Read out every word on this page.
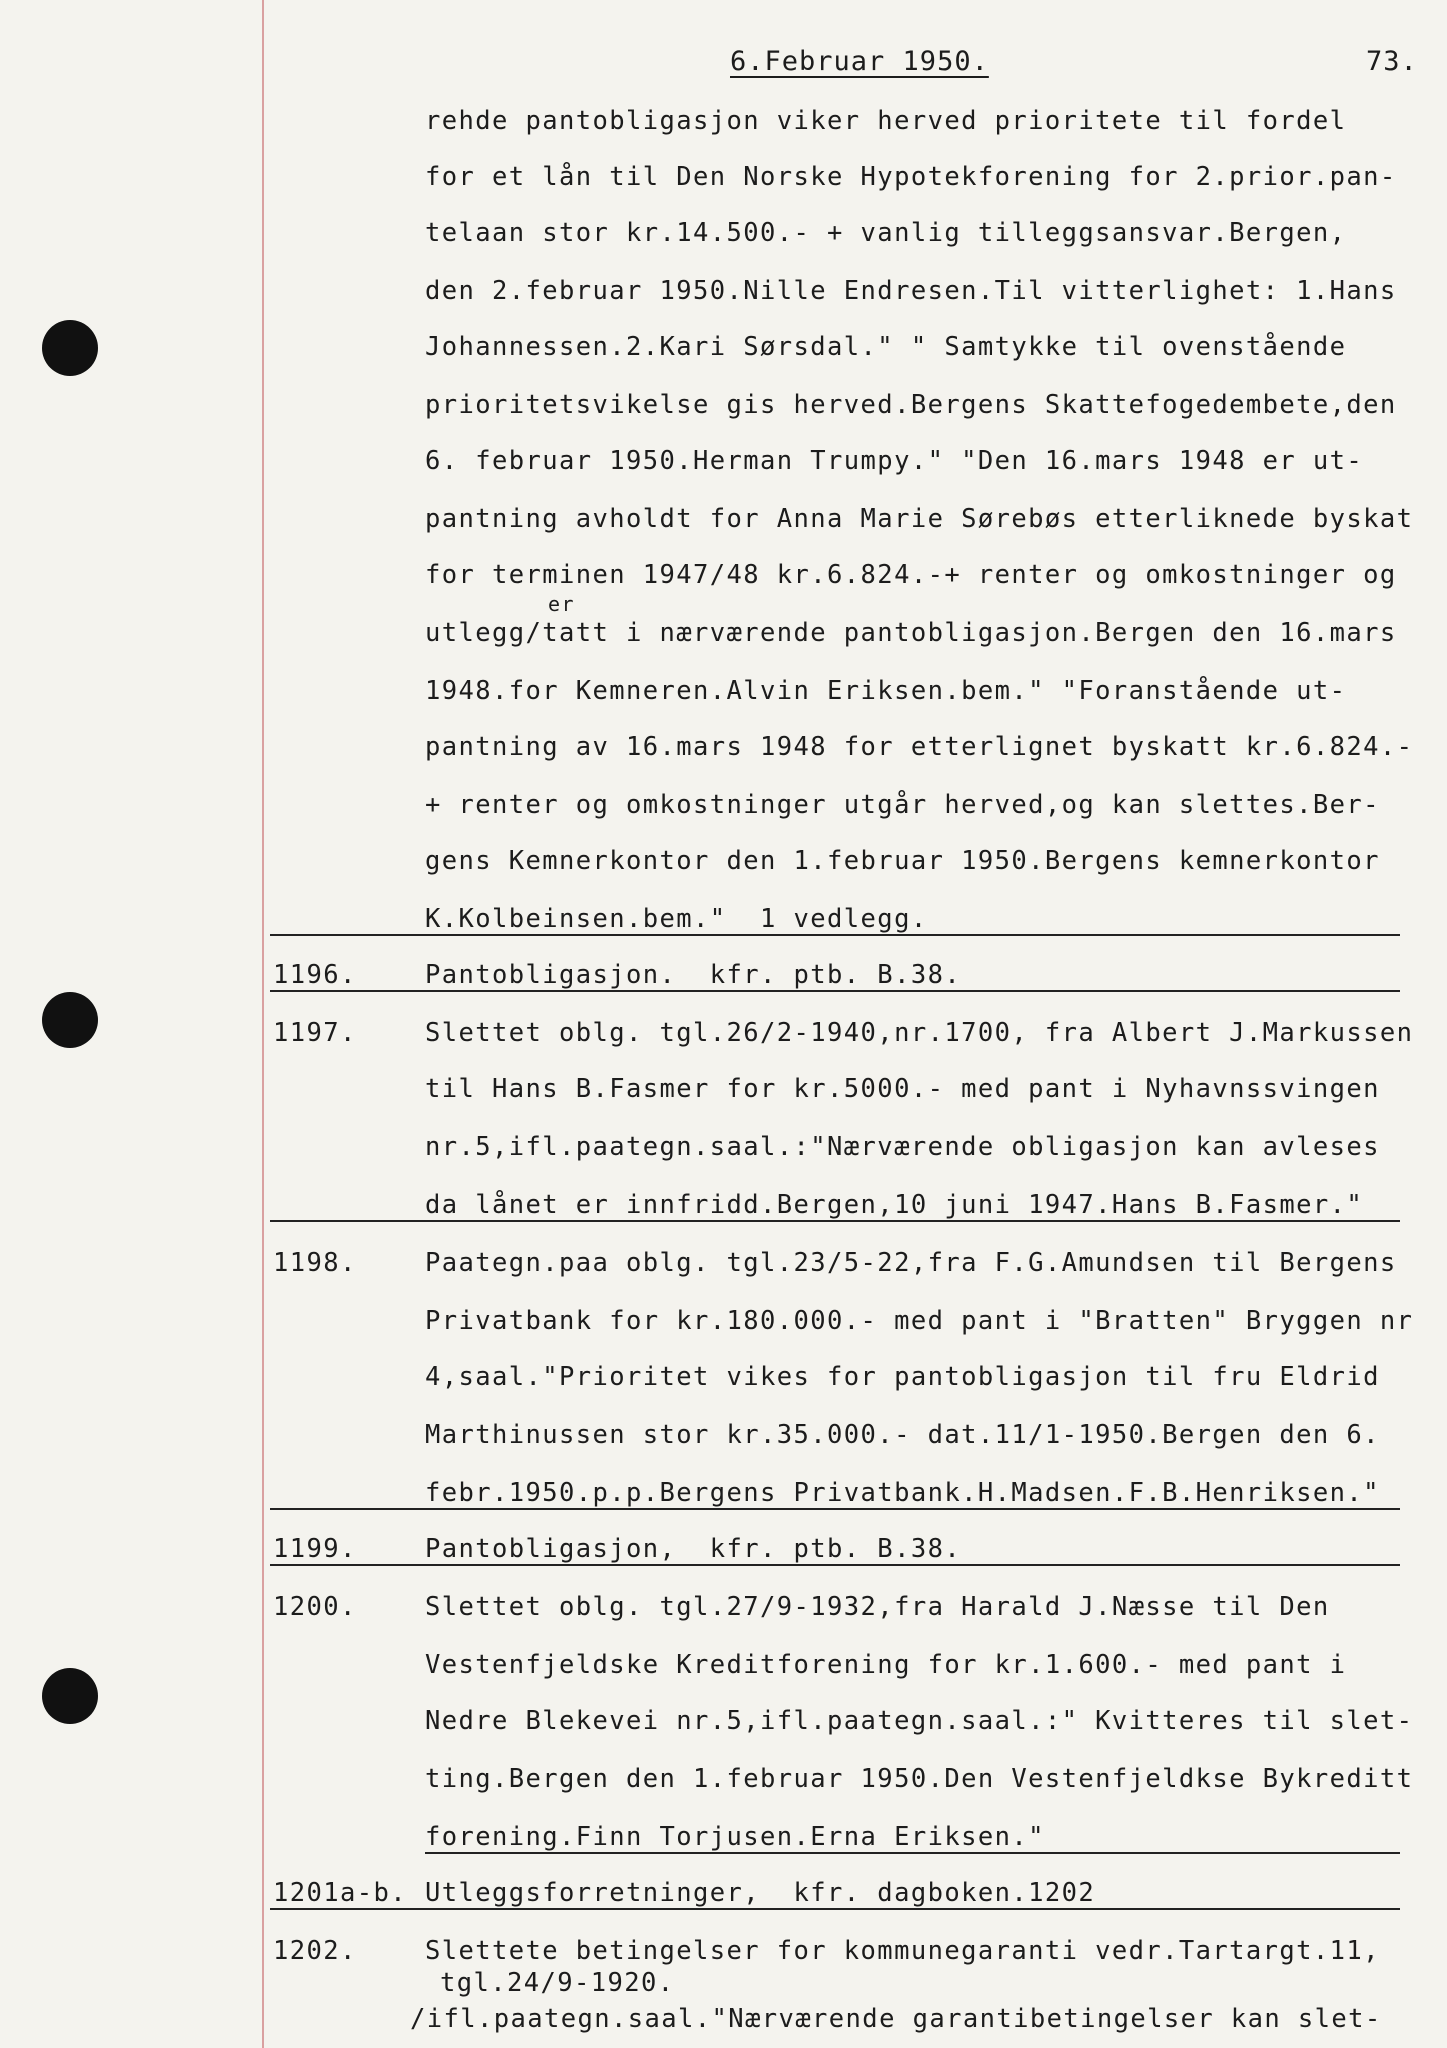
6.Februar 1950.	73.
rehde pantobligasjon viker herved prioritete til fordel
for et lån til Den Norske Hypotekforening for 2.prior.pan-
telaan stor kr.14.500.- + vanlig tilleggsansvar.Bergen,
den 2.februar 1950.Nille Endresen.Til vitterlighet: 1.Hans
Johannessen.2.Kari Sørsdal." " Samtykke til ovenstående
prioritetsvikelse gis herved.Bergens Skattefogedembete,den
6. februar 1950.Herman Trumpy." "Den 16.mars 1948 er ut-
pantning avholdt for Anna Marie Sørebøs etterliknede byskat
for terminen 1947/48 kr.6.824.-+ renter og omkostninger og
er
utlegg/tatt i nærværende pantobligasjon.Bergen den 16.mars
1948.for Kemneren.Alvin Eriksen.bem." "Foranstående ut-
pantning av 16.mars 1948 for etterlignet byskatt kr.6.824.-
+ renter og omkostninger utgår herved,og kan slettes.Ber-
gens Kemnerkontor den 1.februar 1950.Bergens kemnerkontor
K.Kolbeinsen.bem."  1 vedlegg.
1196.	Pantobligasjon.  kfr. ptb. B.38.
1197.	Slettet oblg. tgl.26/2-1940,nr.1700, fra Albert J.Markussen
til Hans B.Fasmer for kr.5000.- med pant i Nyhavnssvingen
nr.5,ifl.paategn.saal.:"Nærværende obligasjon kan avleses
da lånet er innfridd.Bergen,10 juni 1947.Hans B.Fasmer."
1198.	Paategn.paa oblg. tgl.23/5-22,fra F.G.Amundsen til Bergens
Privatbank for kr.180.000.- med pant i "Bratten" Bryggen nr
4,saal."Prioritet vikes for pantobligasjon til fru Eldrid
Marthinussen stor kr.35.000.- dat.11/1-1950.Bergen den 6.
febr.1950.p.p.Bergens Privatbank.H.Madsen.F.B.Henriksen."
1199.	Pantobligasjon,  kfr. ptb. B.38.
1200.	Slettet oblg. tgl.27/9-1932,fra Harald J.Næsse til Den
Vestenfjeldske Kreditforening for kr.1.600.- med pant i
Nedre Blekevei nr.5,ifl.paategn.saal.:" Kvitteres til slet-
ting.Bergen den 1.februar 1950.Den Vestenfjeldkse Bykreditt
forening.Finn Torjusen.Erna Eriksen."
1201a-b. Utleggsforretninger,  kfr. dagboken.1202
1202.	Slettete betingelser for kommunegaranti vedr.Tartargt.11,
tgl.24/9-1920.
/ifl.paategn.saal."Nærværende garantibetingelser kan slet-
